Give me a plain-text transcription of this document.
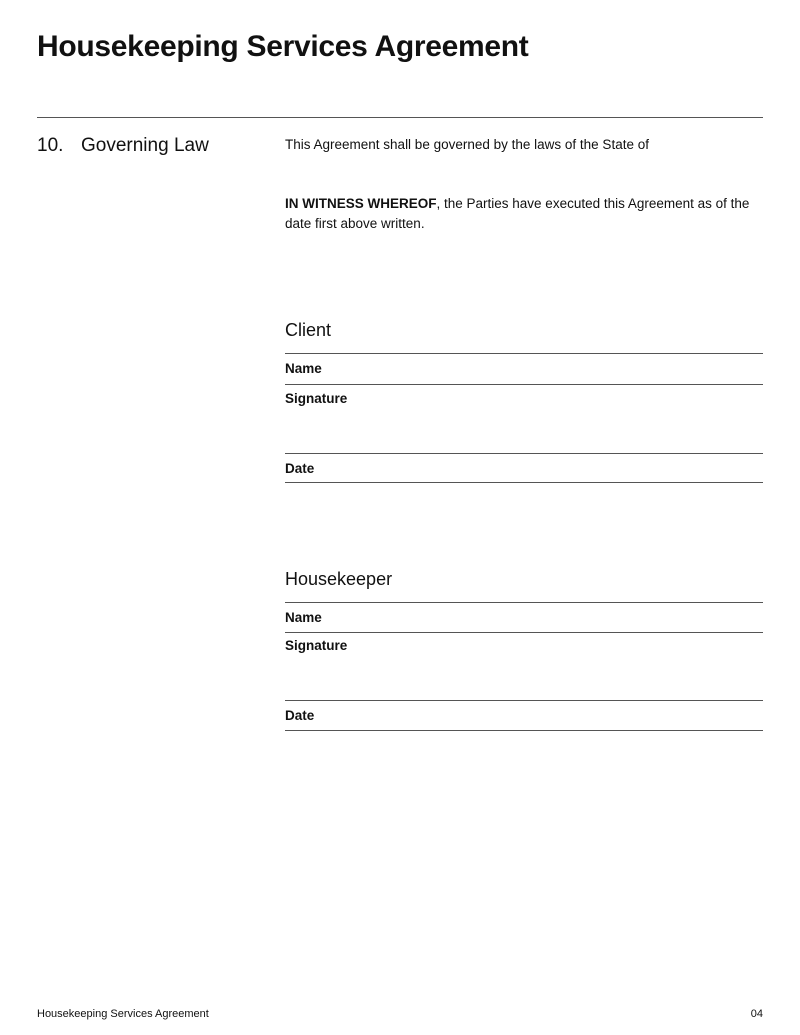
Housekeeping Services Agreement
10. Governing Law	This Agreement shall be governed by the laws of the State of

IN WITNESS WHEREOF, the Parties have executed this Agreement as of the date first above written.

Client
Name
Signature
Date
Housekeeper
Name
Signature
Date
Housekeeping Services Agreement	04
